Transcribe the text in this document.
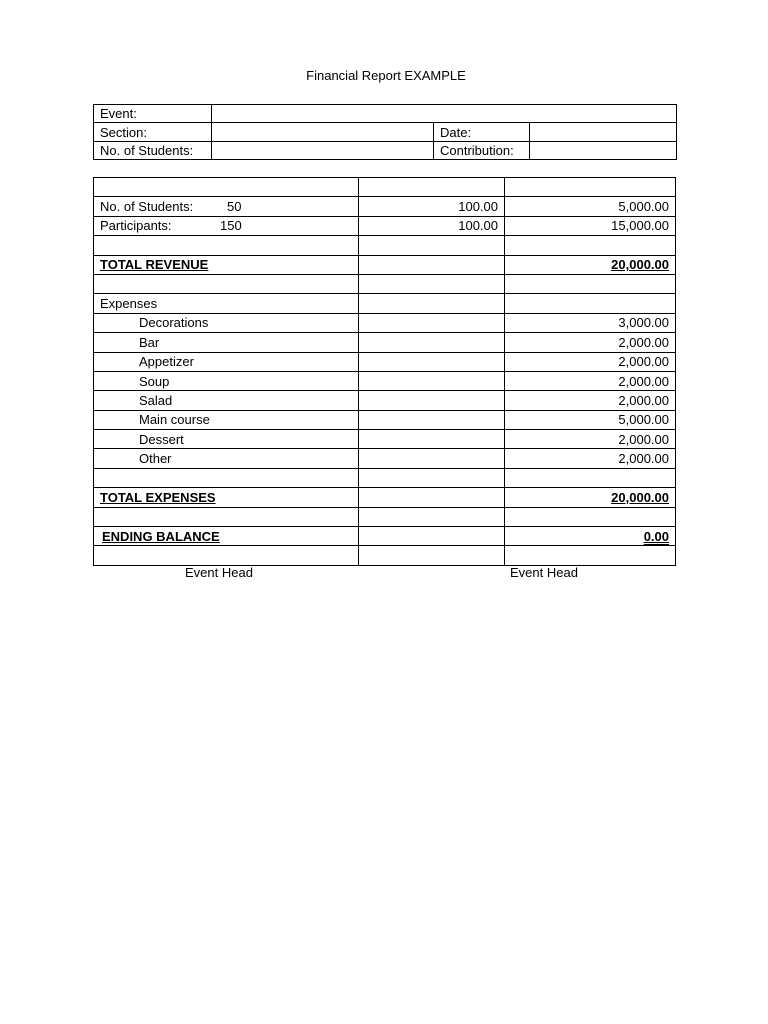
Financial Report EXAMPLE
Event:			
Section:		Date:	
No. of Students:		Contribution:	

No. of Students: 50	100.00	5,000.00
Participants: 150	100.00	15,000.00

TOTAL REVENUE		20,000.00

Expenses		
Decorations		3,000.00
Bar		2,000.00
Appetizer		2,000.00
Soup		2,000.00
Salad		2,000.00
Main course		5,000.00
Dessert		2,000.00
Other		2,000.00

TOTAL EXPENSES		20,000.00

ENDING BALANCE		0.00

Event Head	Event Head
